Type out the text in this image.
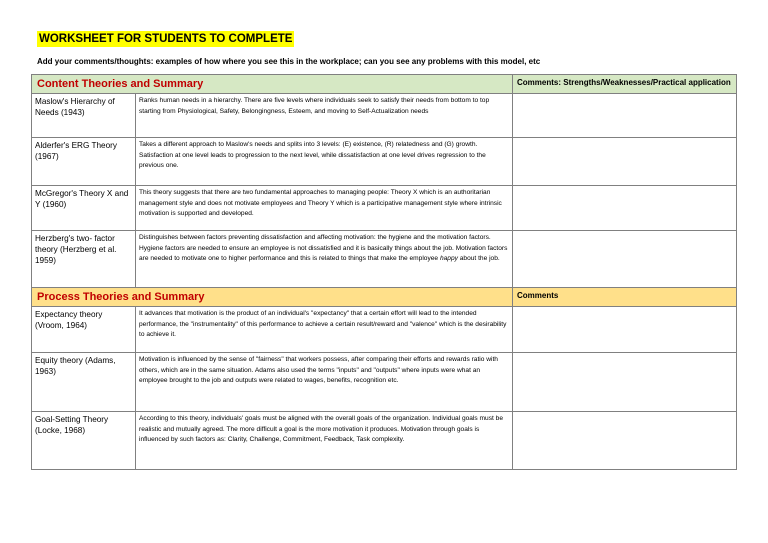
WORKSHEET FOR STUDENTS TO COMPLETE
Add your comments/thoughts: examples of how where you see this in the workplace; can you see any problems with this model, etc
Content Theories and Summary		Comments: Strengths/Weaknesses/Practical application
Maslow's Hierarchy of Needs (1943)	Ranks human needs in a hierarchy. There are five levels where individuals seek to satisfy their needs from bottom to top starting from Physiological, Safety, Belongingness, Esteem, and moving to Self-Actualization needs	
Alderfer's ERG Theory (1967)	Takes a different approach to Maslow's needs and splits into 3 levels: (E) existence, (R) relatedness and (G) growth. Satisfaction at one level leads to progression to the next level, while dissatisfaction at one level drives regression to the previous one.	
McGregor's Theory X and Y (1960)	This theory suggests that there are two fundamental approaches to managing people: Theory X which is an authoritarian management style and does not motivate employees and Theory Y which is a participative management style where intrinsic motivation is supported and developed.	
Herzberg's two- factor theory (Herzberg et al. 1959)	Distinguishes between factors preventing dissatisfaction and affecting motivation: the hygiene and the motivation factors. Hygiene factors are needed to ensure an employee is not dissatisfied and it is basically things about the job. Motivation factors are needed to motivate one to higher performance and this is related to things that make the employee happy about the job.	
Process Theories and Summary		Comments
Expectancy theory (Vroom, 1964)	It advances that motivation is the product of an individual's "expectancy" that a certain effort will lead to the intended performance, the "instrumentality" of this performance to achieve a certain result/reward and "valence" which is the desirability to achieve it.	
Equity theory (Adams, 1963)	Motivation is influenced by the sense of "fairness" that workers possess, after comparing their efforts and rewards ratio with others, which are in the same situation. Adams also used the terms "inputs" and "outputs" where inputs were what an employee brought to the job and outputs were related to wages, benefits, recognition etc.	
Goal-Setting Theory (Locke, 1968)	According to this theory, individuals' goals must be aligned with the overall goals of the organization. Individual goals must be realistic and mutually agreed. The more difficult a goal is the more motivation it produces. Motivation through goals is influenced by such factors as: Clarity, Challenge, Commitment, Feedback, Task complexity.	
